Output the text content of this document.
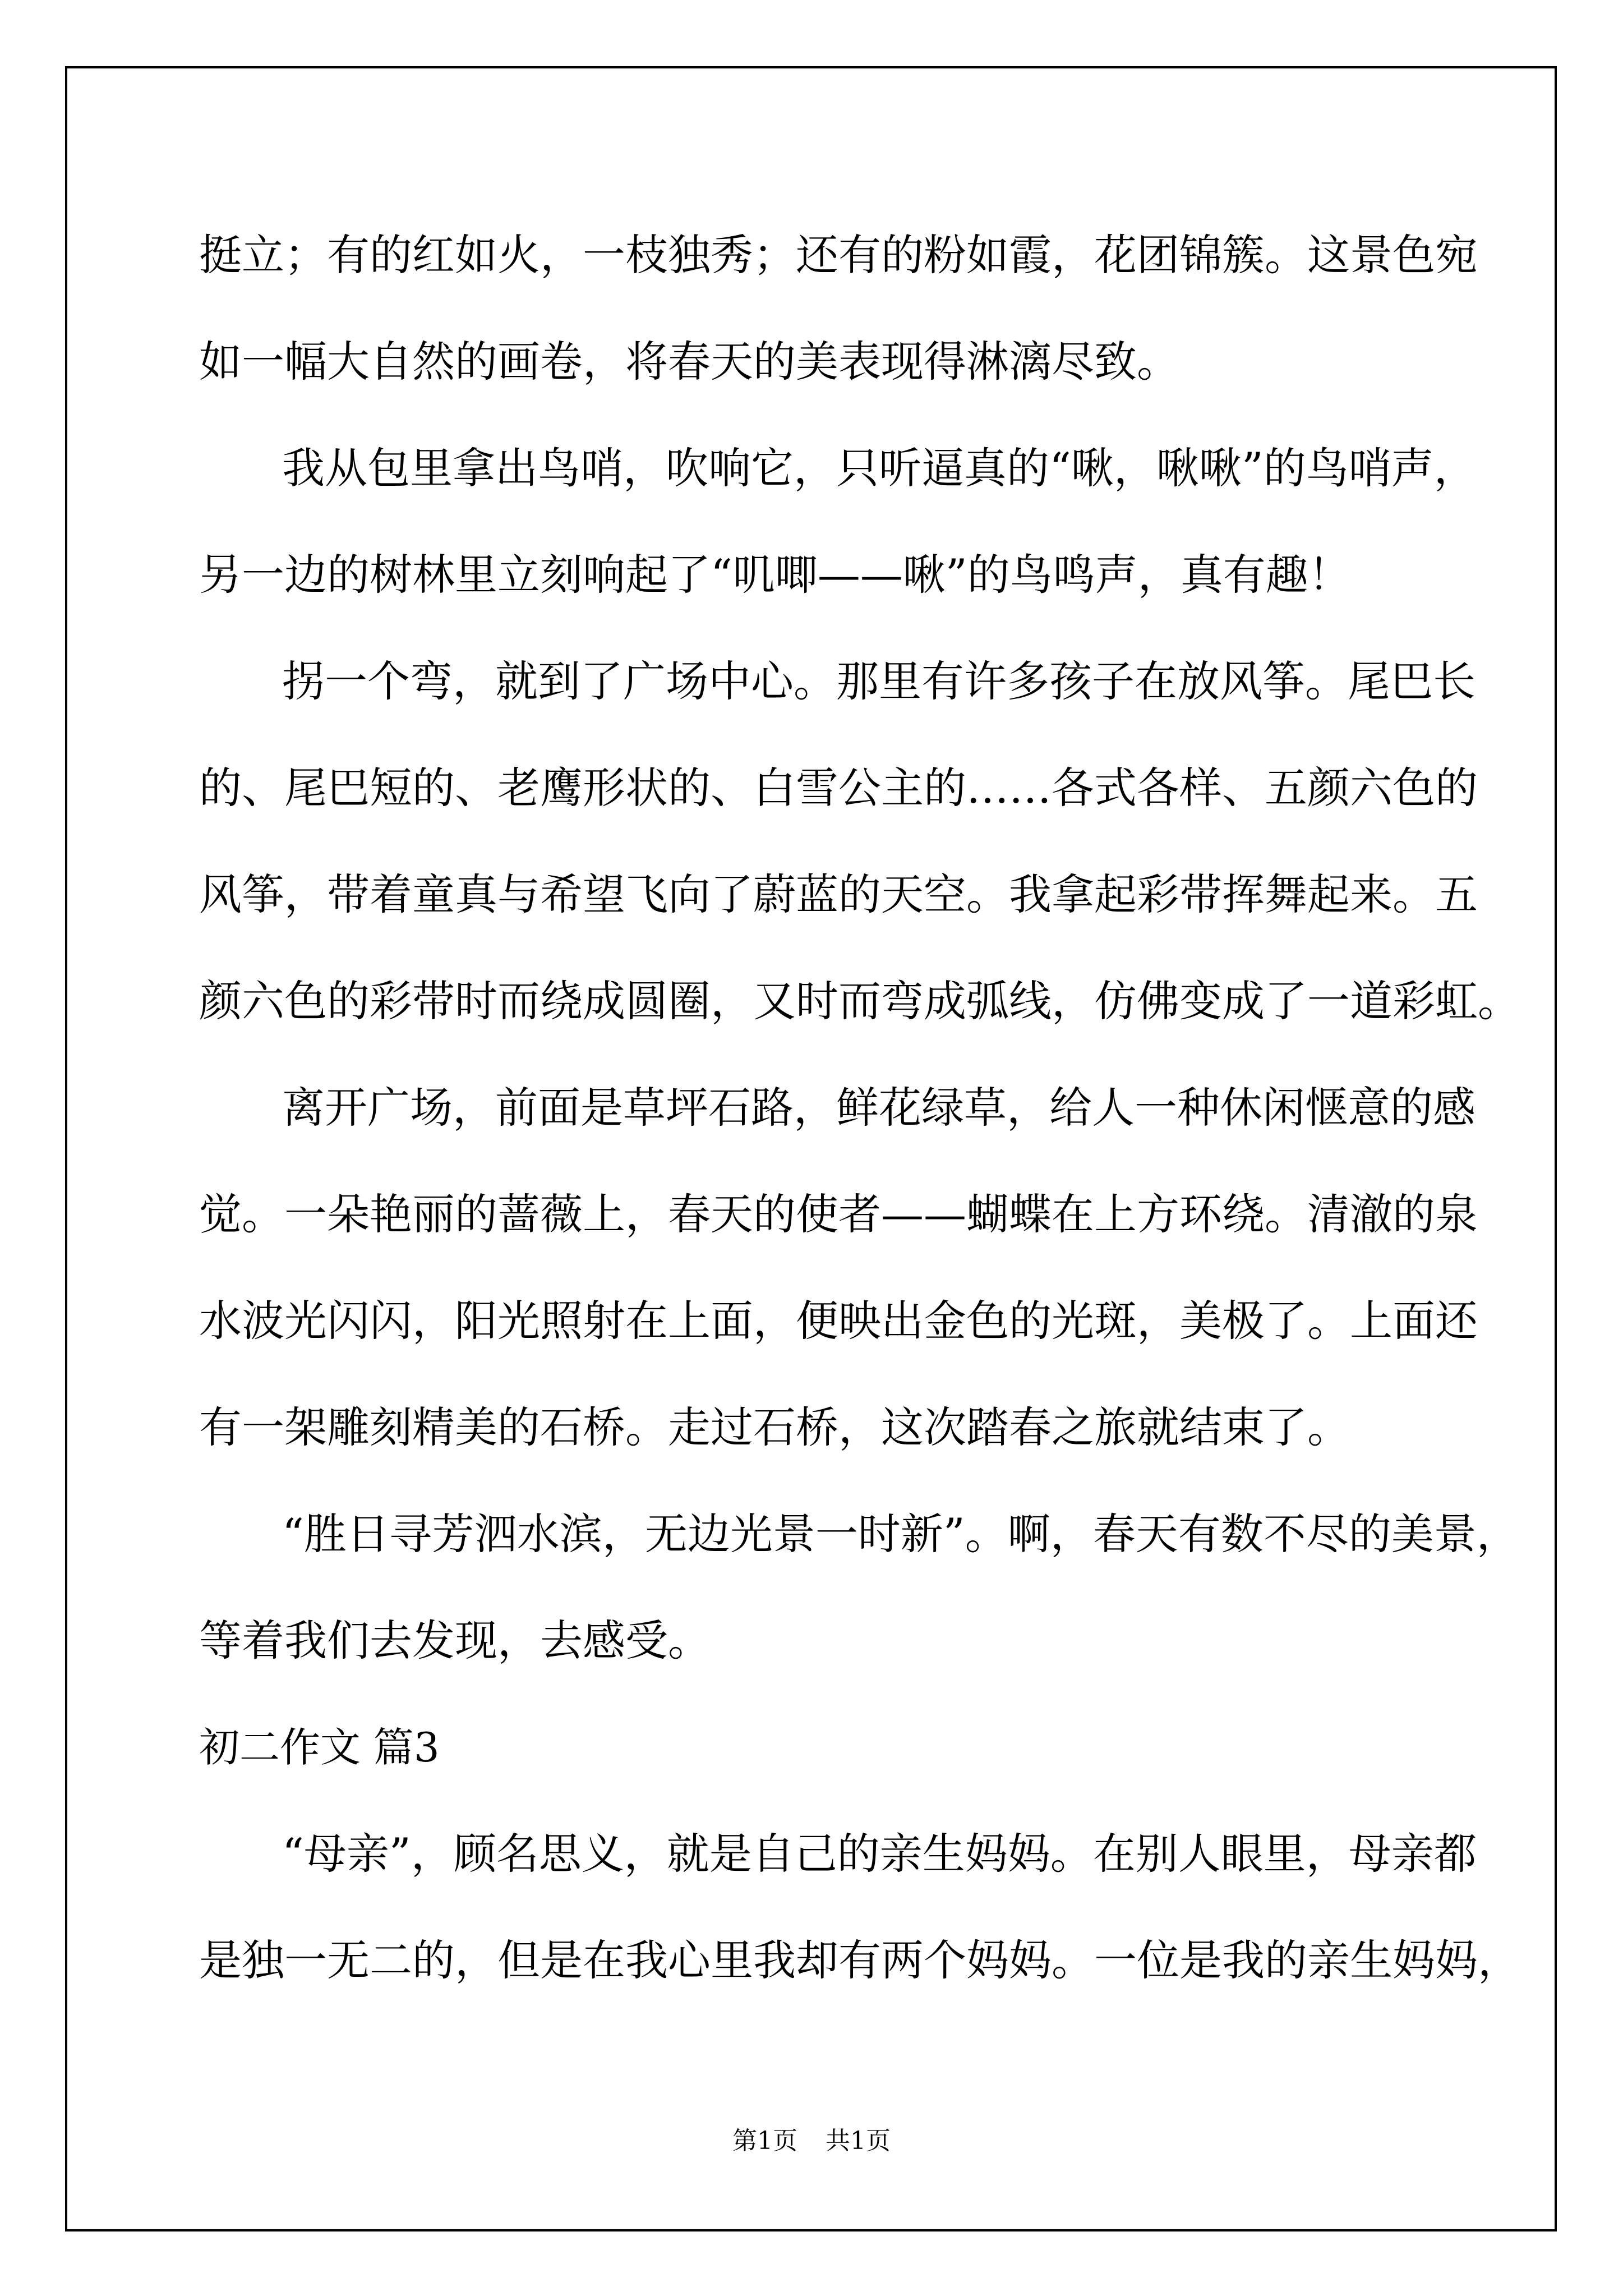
挺立；有的红如火，一枝独秀；还有的粉如霞，花团锦簇。这景色宛
如一幅大自然的画卷，将春天的美表现得淋漓尽致。
我从包里拿出鸟哨，吹响它，只听逼真的“啾，啾啾”的鸟哨声，
另一边的树林里立刻响起了“叽唧——啾”的鸟鸣声，真有趣！
拐一个弯，就到了广场中心。那里有许多孩子在放风筝。尾巴长
的、尾巴短的、老鹰形状的、白雪公主的……各式各样、五颜六色的
风筝，带着童真与希望飞向了蔚蓝的天空。我拿起彩带挥舞起来。五
颜六色的彩带时而绕成圆圈，又时而弯成弧线，仿佛变成了一道彩虹。
离开广场，前面是草坪石路，鲜花绿草，给人一种休闲惬意的感
觉。一朵艳丽的蔷薇上，春天的使者——蝴蝶在上方环绕。清澈的泉
水波光闪闪，阳光照射在上面，便映出金色的光斑，美极了。上面还
有一架雕刻精美的石桥。走过石桥，这次踏春之旅就结束了。
“胜日寻芳泗水滨，无边光景一时新”。啊，春天有数不尽的美景，
等着我们去发现，去感受。
初二作文 篇3
“母亲”，顾名思义，就是自己的亲生妈妈。在别人眼里，母亲都
是独一无二的，但是在我心里我却有两个妈妈。一位是我的亲生妈妈，
第1页 共1页
